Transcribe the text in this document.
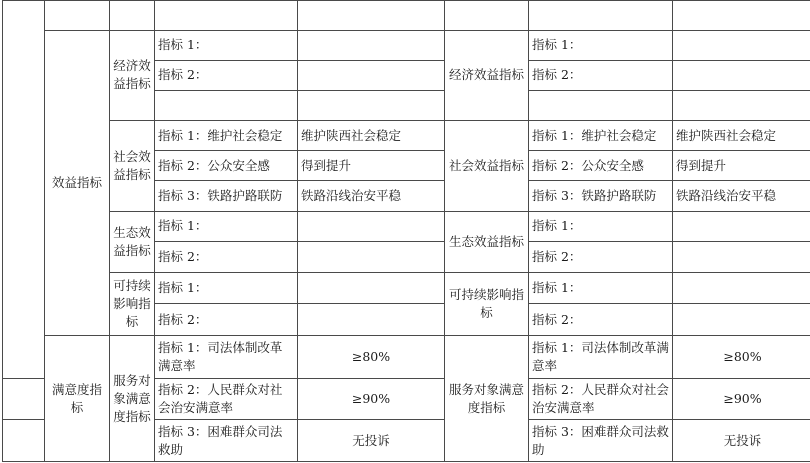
	效益指标	经济效益指标	指标 1：		经济效益指标	指标 1：		
			指标 2：			指标 2：		

		社会效益指标	指标 1：维护社会稳定	维护陕西社会稳定	社会效益指标	指标 1：维护社会稳定	维护陕西社会稳定	
			指标 2：公众安全感	得到提升		指标 2：公众安全感	得到提升	
			指标 3：铁路护路联防	铁路沿线治安平稳		指标 3：铁路护路联防	铁路沿线治安平稳	
		生态效益指标	指标 1：		生态效益指标	指标 1：		
			指标 2：			指标 2：		
		可持续影响指标	指标 1：		可持续影响指标	指标 1：		
			指标 2：			指标 2：		
	满意度指标	服务对象满意度指标	指标 1：司法体制改革满意率	≥80%	服务对象满意度指标	指标 1：司法体制改革满意率	≥80%	
			指标 2：人民群众对社会治安满意率	≥90%		指标 2：人民群众对社会治安满意率	≥90%	
			指标 3：困难群众司法救助	无投诉		指标 3：困难群众司法救助	无投诉	
